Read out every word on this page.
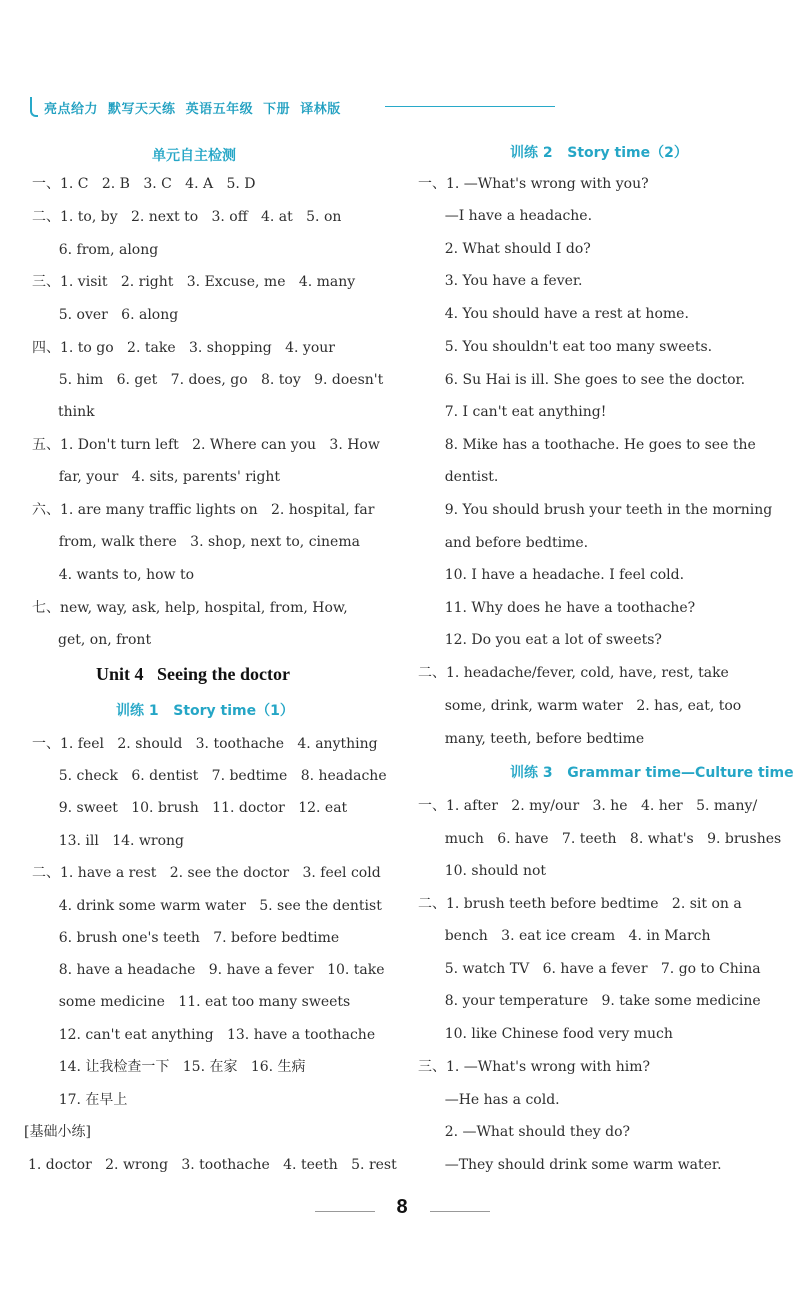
亮点给力  默写天天练  英语五年级  下册  译林版
单元自主检测
一、1. C   2. B   3. C   4. A   5. D
二、1. to, by   2. next to   3. off   4. at   5. on
6. from, along
三、1. visit   2. right   3. Excuse, me   4. many
5. over   6. along
四、1. to go   2. take   3. shopping   4. your
5. him   6. get   7. does, go   8. toy   9. doesn't
think
五、1. Don't turn left   2. Where can you   3. How
far, your   4. sits, parents' right
六、1. are many traffic lights on   2. hospital, far
from, walk there   3. shop, next to, cinema
4. wants to, how to
七、new, way, ask, help, hospital, from, How,
get, on, front
Unit 4   Seeing the doctor
训练 1   Story time（1）
一、1. feel   2. should   3. toothache   4. anything
5. check   6. dentist   7. bedtime   8. headache
9. sweet   10. brush   11. doctor   12. eat
13. ill   14. wrong
二、1. have a rest   2. see the doctor   3. feel cold
4. drink some warm water   5. see the dentist
6. brush one's teeth   7. before bedtime
8. have a headache   9. have a fever   10. take
some medicine   11. eat too many sweets
12. can't eat anything   13. have a toothache
14. 让我检查一下   15. 在家   16. 生病
17. 在早上
[基础小练]
1. doctor   2. wrong   3. toothache   4. teeth   5. rest
训练 2   Story time（2）
一、1. —What's wrong with you?
—I have a headache.
2. What should I do?
3. You have a fever.
4. You should have a rest at home.
5. You shouldn't eat too many sweets.
6. Su Hai is ill. She goes to see the doctor.
7. I can't eat anything!
8. Mike has a toothache. He goes to see the
dentist.
9. You should brush your teeth in the morning
and before bedtime.
10. I have a headache. I feel cold.
11. Why does he have a toothache?
12. Do you eat a lot of sweets?
二、1. headache/fever, cold, have, rest, take
some, drink, warm water   2. has, eat, too
many, teeth, before bedtime
训练 3   Grammar time—Culture time
一、1. after   2. my/our   3. he   4. her   5. many/
much   6. have   7. teeth   8. what's   9. brushes
10. should not
二、1. brush teeth before bedtime   2. sit on a
bench   3. eat ice cream   4. in March
5. watch TV   6. have a fever   7. go to China
8. your temperature   9. take some medicine
10. like Chinese food very much
三、1. —What's wrong with him?
—He has a cold.
2. —What should they do?
—They should drink some warm water.
8
